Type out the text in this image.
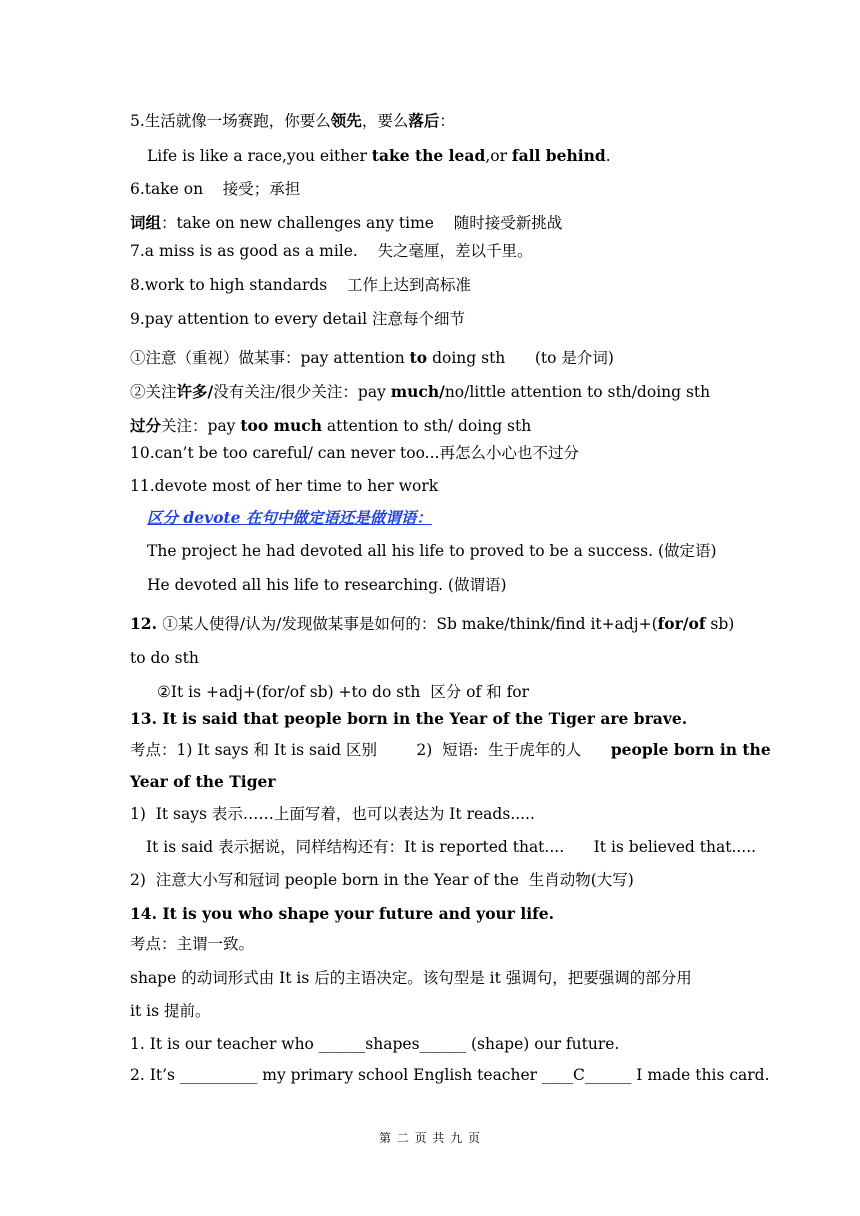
5.生活就像一场赛跑，你要么领先，要么落后：
Life is like a race,you either take the lead,or fall behind.
6.take on    接受；承担
词组：take on new challenges any time    随时接受新挑战
7.a miss is as good as a mile.    失之毫厘，差以千里。
8.work to high standards    工作上达到高标准
9.pay attention to every detail 注意每个细节
①注意（重视）做某事：pay attention to doing sth      (to 是介词)
②关注许多/没有关注/很少关注：pay much/no/little attention to sth/doing sth
过分关注：pay too much attention to sth/ doing sth
10.can’t be too careful/ can never too...再怎么小心也不过分
11.devote most of her time to her work
区分 devote 在句中做定语还是做谓语：
The project he had devoted all his life to proved to be a success. (做定语)
He devoted all his life to researching. (做谓语)
12. ①某人使得/认为/发现做某事是如何的：Sb make/think/find it+adj+(for/of sb)
to do sth
②It is +adj+(for/of sb) +to do sth  区分 of 和 for
13. It is said that people born in the Year of the Tiger are brave.
考点：1) It says 和 It is said 区别        2)  短语:  生于虎年的人      people born in the
Year of the Tiger
1)  It says 表示……上面写着，也可以表达为 It reads.....
It is said 表示据说，同样结构还有：It is reported that....      It is believed that.....
2)  注意大小写和冠词 people born in the Year of the  生肖动物(大写)
14. It is you who shape your future and your life.
考点：主谓一致。
shape 的动词形式由 It is 后的主语决定。该句型是 it 强调句，把要强调的部分用
it is 提前。
1. It is our teacher who ______shapes______ (shape) our future.
2. It’s __________ my primary school English teacher ____C______ I made this card.
第 二 页 共 九 页
